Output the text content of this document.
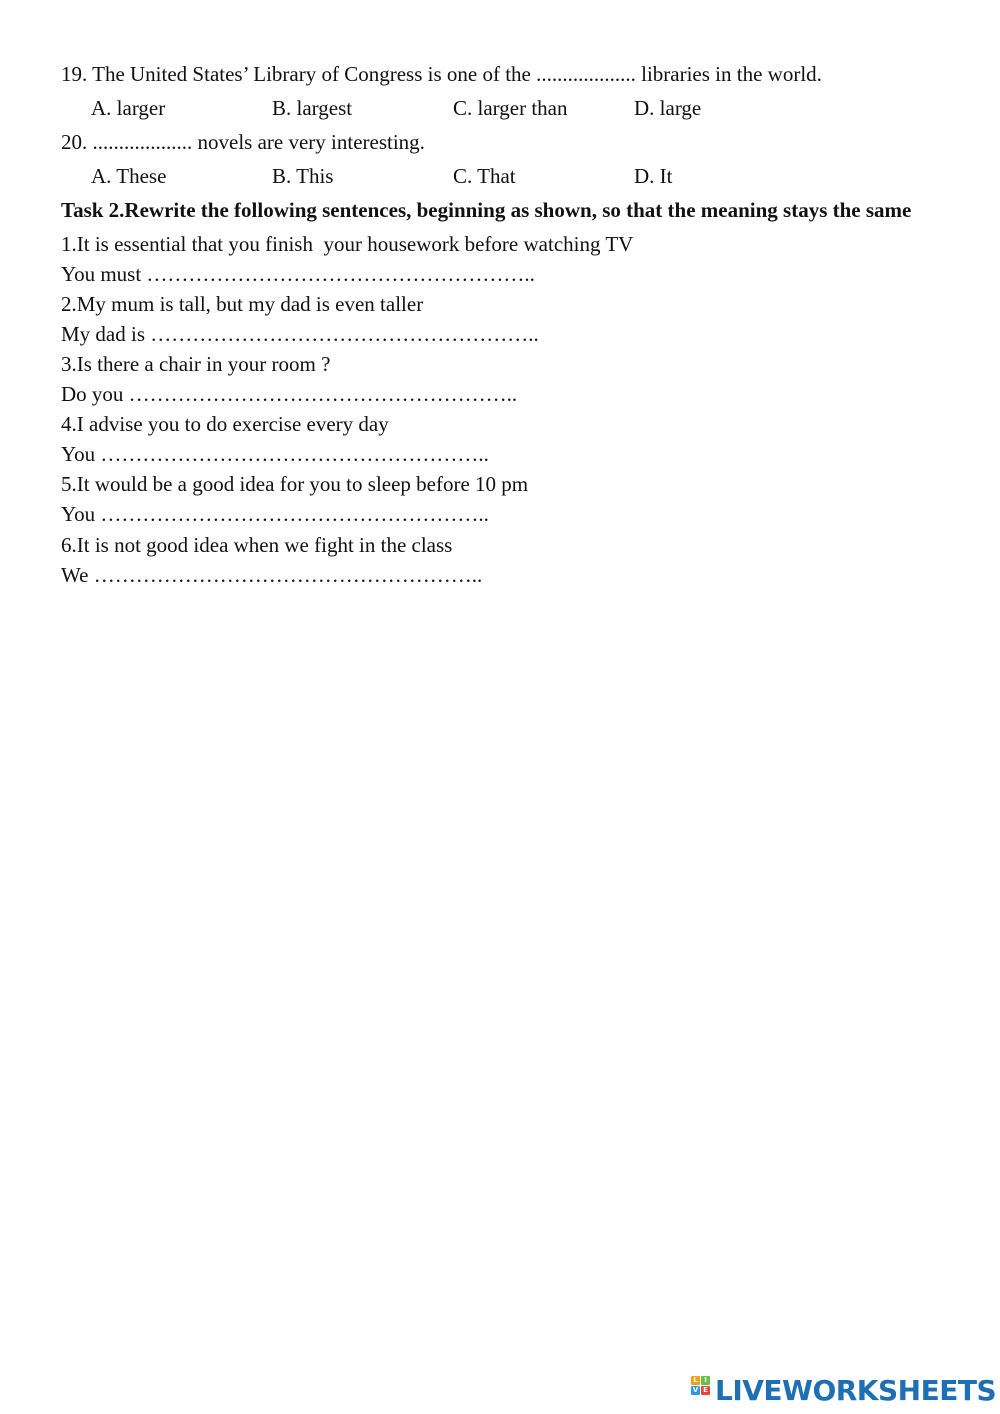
19. The United States’ Library of Congress is one of the ................... libraries in the world.
A. larger	B. largest	C. larger than	D. large
20. ................... novels are very interesting.
A. These	B. This	C. That	D. It
Task 2.Rewrite the following sentences, beginning as shown, so that the meaning stays the same
1.It is essential that you finish  your housework before watching TV
You must ………………………………………………..
2.My mum is tall, but my dad is even taller
My dad is ………………………………………………..
3.Is there a chair in your room ?
Do you ………………………………………………..
4.I advise you to do exercise every day
You ………………………………………………..
5.It would be a good idea for you to sleep before 10 pm
You ………………………………………………..
6.It is not good idea when we fight in the class
We ………………………………………………..
L I
V E LIVEWORKSHEETS
